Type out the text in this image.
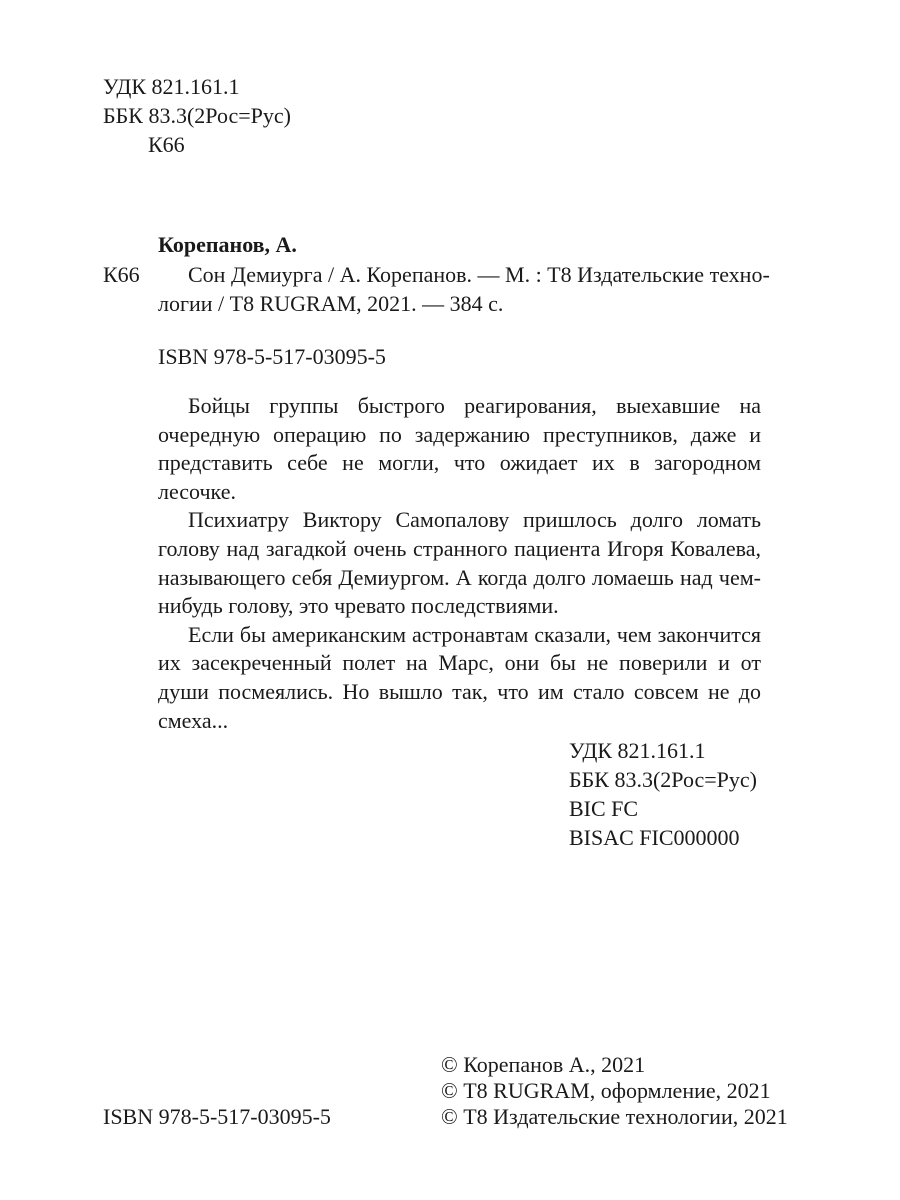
УДК 821.161.1
ББК 83.3(2Рос=Рус)
К66
Корепанов, А.
К66 Сон Демиурга / А. Корепанов. — М. : Т8 Издательские техно-
логии / Т8 RUGRAM, 2021. — 384 с.
ISBN 978-5-517-03095-5

Бойцы группы быстрого реагирования, выехавшие на очередную операцию по задержанию преступников, даже и представить себе не могли, что ожидает их в загородном лесочке.

Психиатру Виктору Самопалову пришлось долго ломать голову над загадкой очень странного пациента Игоря Ковалева, называющего себя Демиургом. А когда долго ломаешь над чем-нибудь голову, это чревато последствиями.

Если бы американским астронавтам сказали, чем закончится их засекреченный полет на Марс, они бы не поверили и от души посмеялись. Но вышло так, что им стало совсем не до смеха...

УДК 821.161.1
ББК 83.3(2Рос=Рус)
BIC FC
BISAC FIC000000
ISBN 978-5-517-03095-5
© Корепанов А., 2021
© Т8 RUGRAM, оформление, 2021
© Т8 Издательские технологии, 2021
